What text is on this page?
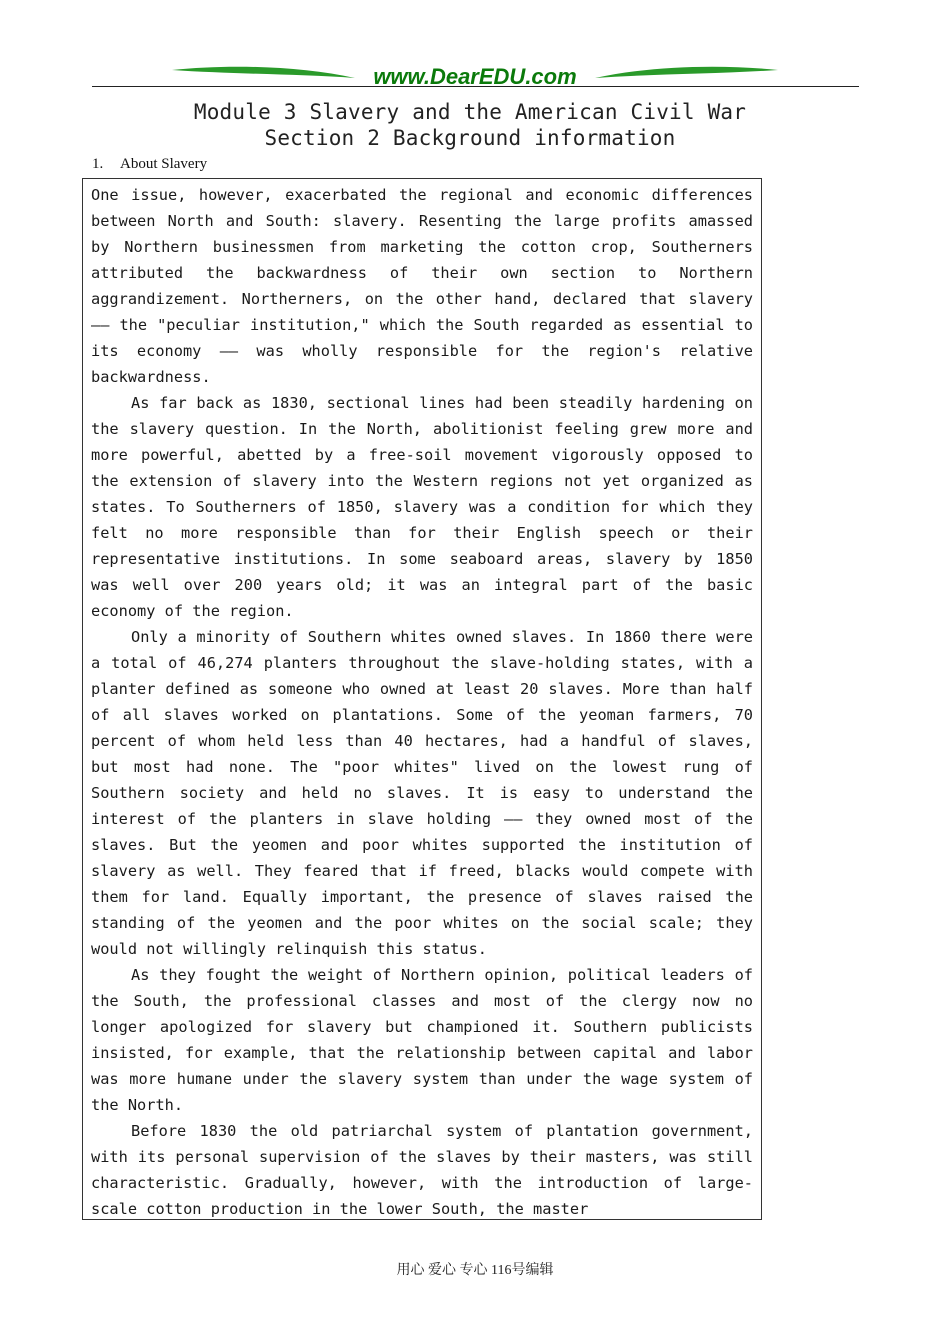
www.DearEDU.com
Module 3 Slavery and the American Civil War
Section 2 Background information
1. About Slavery

One issue, however, exacerbated the regional and economic differences between North and South: slavery. Resenting the large profits amassed by Northern businessmen from marketing the cotton crop, Southerners attributed the backwardness of their own section to Northern aggrandizement. Northerners, on the other hand, declared that slavery —— the "peculiar institution," which the South regarded as essential to its economy —— was wholly responsible for the region's relative backwardness.

As far back as 1830, sectional lines had been steadily hardening on the slavery question. In the North, abolitionist feeling grew more and more powerful, abetted by a free-soil movement vigorously opposed to the extension of slavery into the Western regions not yet organized as states. To Southerners of 1850, slavery was a condition for which they felt no more responsible than for their English speech or their representative institutions. In some seaboard areas, slavery by 1850 was well over 200 years old; it was an integral part of the basic economy of the region.

Only a minority of Southern whites owned slaves. In 1860 there were a total of 46,274 planters throughout the slave-holding states, with a planter defined as someone who owned at least 20 slaves. More than half of all slaves worked on plantations. Some of the yeoman farmers, 70 percent of whom held less than 40 hectares, had a handful of slaves, but most had none. The "poor whites" lived on the lowest rung of Southern society and held no slaves. It is easy to understand the interest of the planters in slave holding —— they owned most of the slaves. But the yeomen and poor whites supported the institution of slavery as well. They feared that if freed, blacks would compete with them for land. Equally important, the presence of slaves raised the standing of the yeomen and the poor whites on the social scale; they would not willingly relinquish this status.

As they fought the weight of Northern opinion, political leaders of the South, the professional classes and most of the clergy now no longer apologized for slavery but championed it. Southern publicists insisted, for example, that the relationship between capital and labor was more humane under the slavery system than under the wage system of the North.

Before 1830 the old patriarchal system of plantation government, with its personal supervision of the slaves by their masters, was still characteristic. Gradually, however, with the introduction of large-scale cotton production in the lower South, the master

用心 爱心 专心 116号编辑
